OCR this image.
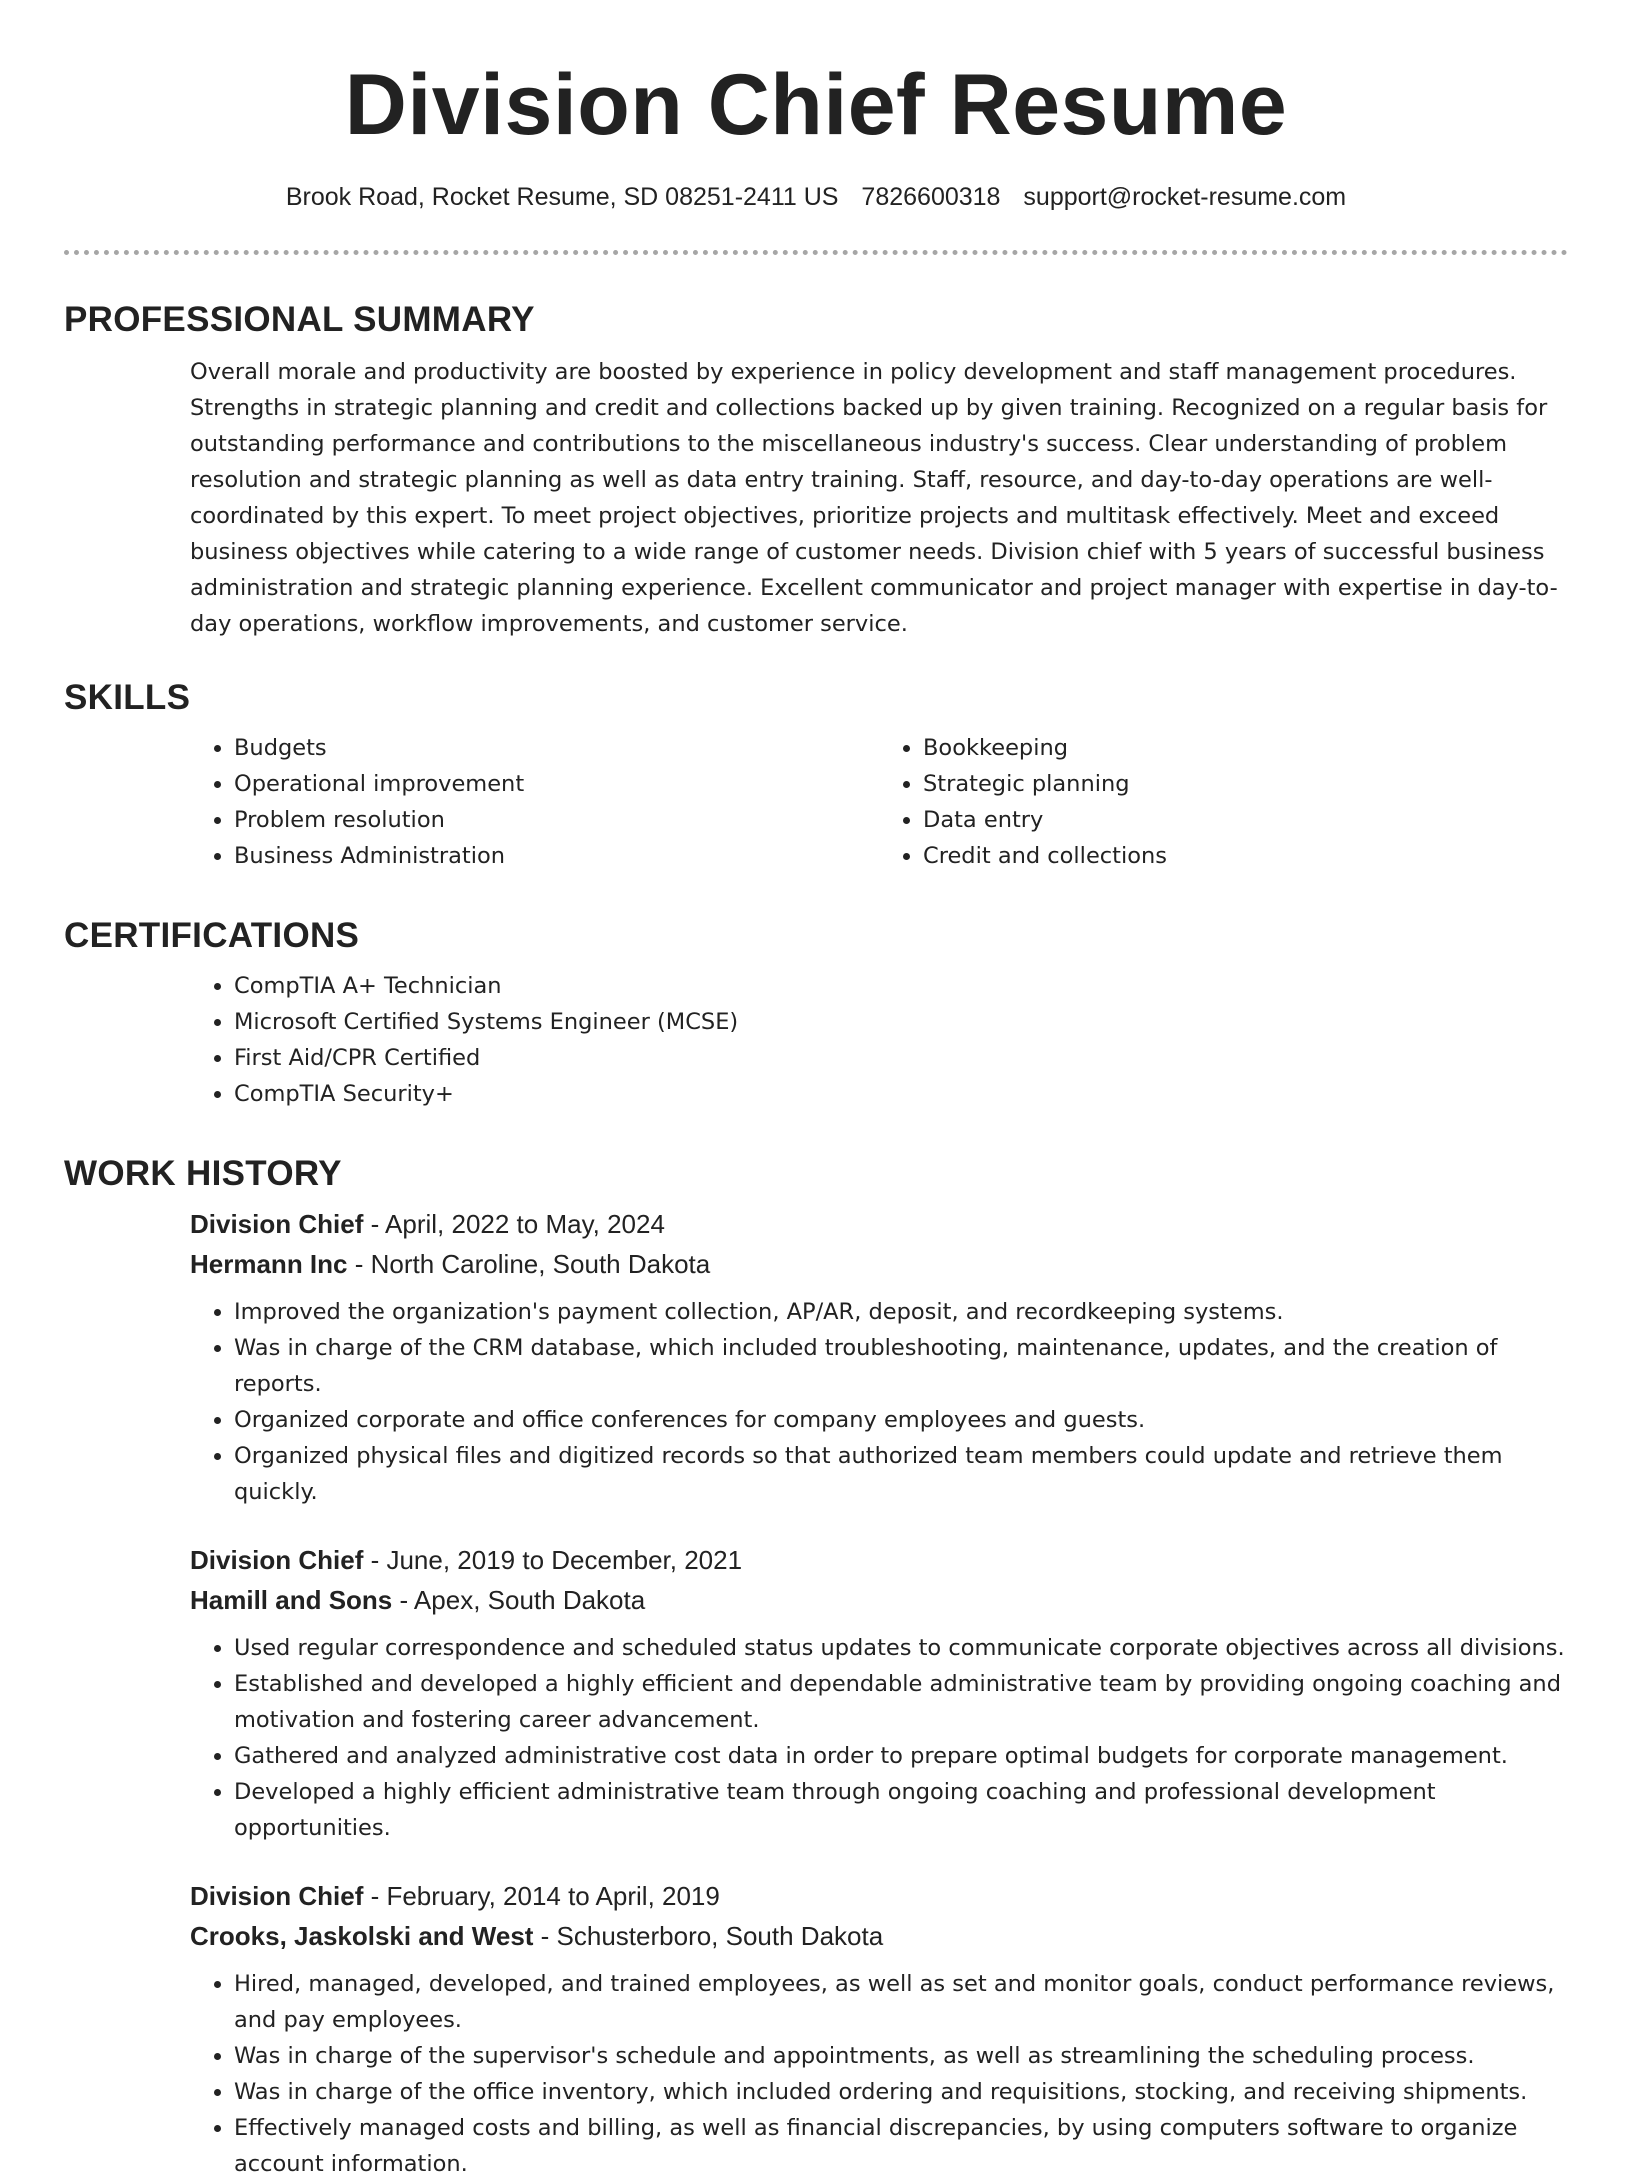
Division Chief Resume
Brook Road, Rocket Resume, SD 08251-2411 US 7826600318 support@rocket-resume.com
PROFESSIONAL SUMMARY

Overall morale and productivity are boosted by experience in policy development and staff management procedures. Strengths in strategic planning and credit and collections backed up by given training. Recognized on a regular basis for outstanding performance and contributions to the miscellaneous industry's success. Clear understanding of problem resolution and strategic planning as well as data entry training. Staff, resource, and day-to-day operations are well-coordinated by this expert. To meet project objectives, prioritize projects and multitask effectively. Meet and exceed business objectives while catering to a wide range of customer needs. Division chief with 5 years of successful business administration and strategic planning experience. Excellent communicator and project manager with expertise in day-to-day operations, workflow improvements, and customer service.

SKILLS
• Budgets
• Operational improvement
• Problem resolution
• Business Administration
• Bookkeeping
• Strategic planning
• Data entry
• Credit and collections
CERTIFICATIONS
• CompTIA A+ Technician
• Microsoft Certified Systems Engineer (MCSE)
• First Aid/CPR Certified
• CompTIA Security+
WORK HISTORY
Division Chief - April, 2022 to May, 2024
Hermann Inc - North Caroline, South Dakota
• Improved the organization's payment collection, AP/AR, deposit, and recordkeeping systems.
• Was in charge of the CRM database, which included troubleshooting, maintenance, updates, and the creation of reports.
• Organized corporate and office conferences for company employees and guests.
• Organized physical files and digitized records so that authorized team members could update and retrieve them quickly.
Division Chief - June, 2019 to December, 2021
Hamill and Sons - Apex, South Dakota
• Used regular correspondence and scheduled status updates to communicate corporate objectives across all divisions.
• Established and developed a highly efficient and dependable administrative team by providing ongoing coaching and motivation and fostering career advancement.
• Gathered and analyzed administrative cost data in order to prepare optimal budgets for corporate management.
• Developed a highly efficient administrative team through ongoing coaching and professional development opportunities.
Division Chief - February, 2014 to April, 2019
Crooks, Jaskolski and West - Schusterboro, South Dakota
• Hired, managed, developed, and trained employees, as well as set and monitor goals, conduct performance reviews, and pay employees.
• Was in charge of the supervisor's schedule and appointments, as well as streamlining the scheduling process.
• Was in charge of the office inventory, which included ordering and requisitions, stocking, and receiving shipments.
• Effectively managed costs and billing, as well as financial discrepancies, by using computers software to organize account information.
